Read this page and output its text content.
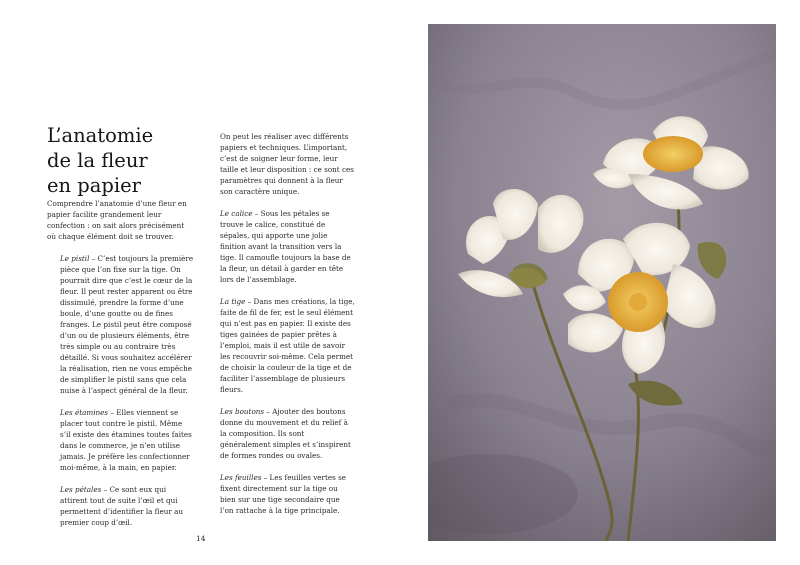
L’anatomie
de la fleur
en papier

Comprendre l’anatomie d’une fleur en papier facilite grandement leur confection : on sait alors précisément où chaque élément doit se trouver.

Le pistil – C’est toujours la première pièce que l’on fixe sur la tige. On pourrait dire que c’est le cœur de la fleur. Il peut rester apparent ou être dissimulé, prendre la forme d’une boule, d’une goutte ou de fines franges. Le pistil peut être composé d’un ou de plusieurs éléments, être très simple ou au contraire très détaillé. Si vous souhaitez accélérer la réalisation, rien ne vous empêche de simplifier le pistil sans que cela nuise à l’aspect général de la fleur.

Les étamines – Elles viennent se placer tout contre le pistil. Même s’il existe des étamines toutes faites dans le commerce, je n’en utilise jamais. Je préfère les confectionner moi-même, à la main, en papier.

Les pétales – Ce sont eux qui attirent tout de suite l’œil et qui permettent d’identifier la fleur au premier coup d’œil.

On peut les réaliser avec différents papiers et techniques. L’important, c’est de soigner leur forme, leur taille et leur disposition : ce sont ces paramètres qui donnent à la fleur son caractère unique.

Le calice – Sous les pétales se trouve le calice, constitué de sépales, qui apporte une jolie finition avant la transition vers la tige. Il camoufle toujours la base de la fleur, un détail à garder en tête lors de l’assemblage.

La tige – Dans mes créations, la tige, faite de fil de fer, est le seul élément qui n’est pas en papier. Il existe des tiges gainées de papier prêtes à l’emploi, mais il est utile de savoir les recouvrir soi-même. Cela permet de choisir la couleur de la tige et de faciliter l’assemblage de plusieurs fleurs.

Les boutons – Ajouter des boutons donne du mouvement et du relief à la composition. Ils sont généralement simples et s’inspirent de formes rondes ou ovales.

Les feuilles – Les feuilles vertes se fixent directement sur la tige ou bien sur une tige secondaire que l’on rattache à la tige principale.

14
